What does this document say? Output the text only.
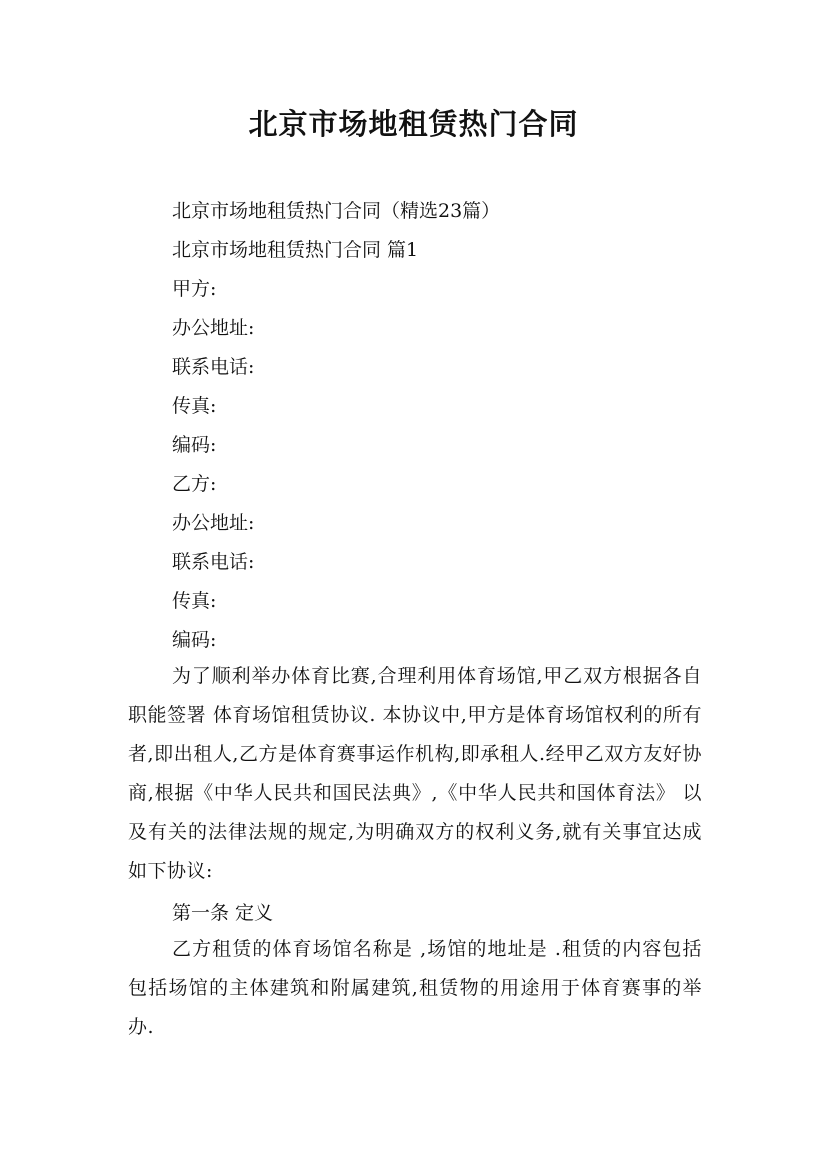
北京市场地租赁热门合同
北京市场地租赁热门合同（精选23篇）
北京市场地租赁热门合同 篇1
甲方:
办公地址:
联系电话:
传真:
编码:
乙方:
办公地址:
联系电话:
传真:
编码:
为了顺利举办体育比赛,合理利用体育场馆,甲乙双方根据各自职能签署 体育场馆租赁协议. 本协议中,甲方是体育场馆权利的所有者,即出租人,乙方是体育赛事运作机构,即承租人.经甲乙双方友好协商,根据《中华人民共和国民法典》,《中华人民共和国体育法》 以及有关的法律法规的规定,为明确双方的权利义务,就有关事宜达成如下协议:
第一条 定义
乙方租赁的体育场馆名称是 ,场馆的地址是 .租赁的内容包括包括场馆的主体建筑和附属建筑,租赁物的用途用于体育赛事的举办.
